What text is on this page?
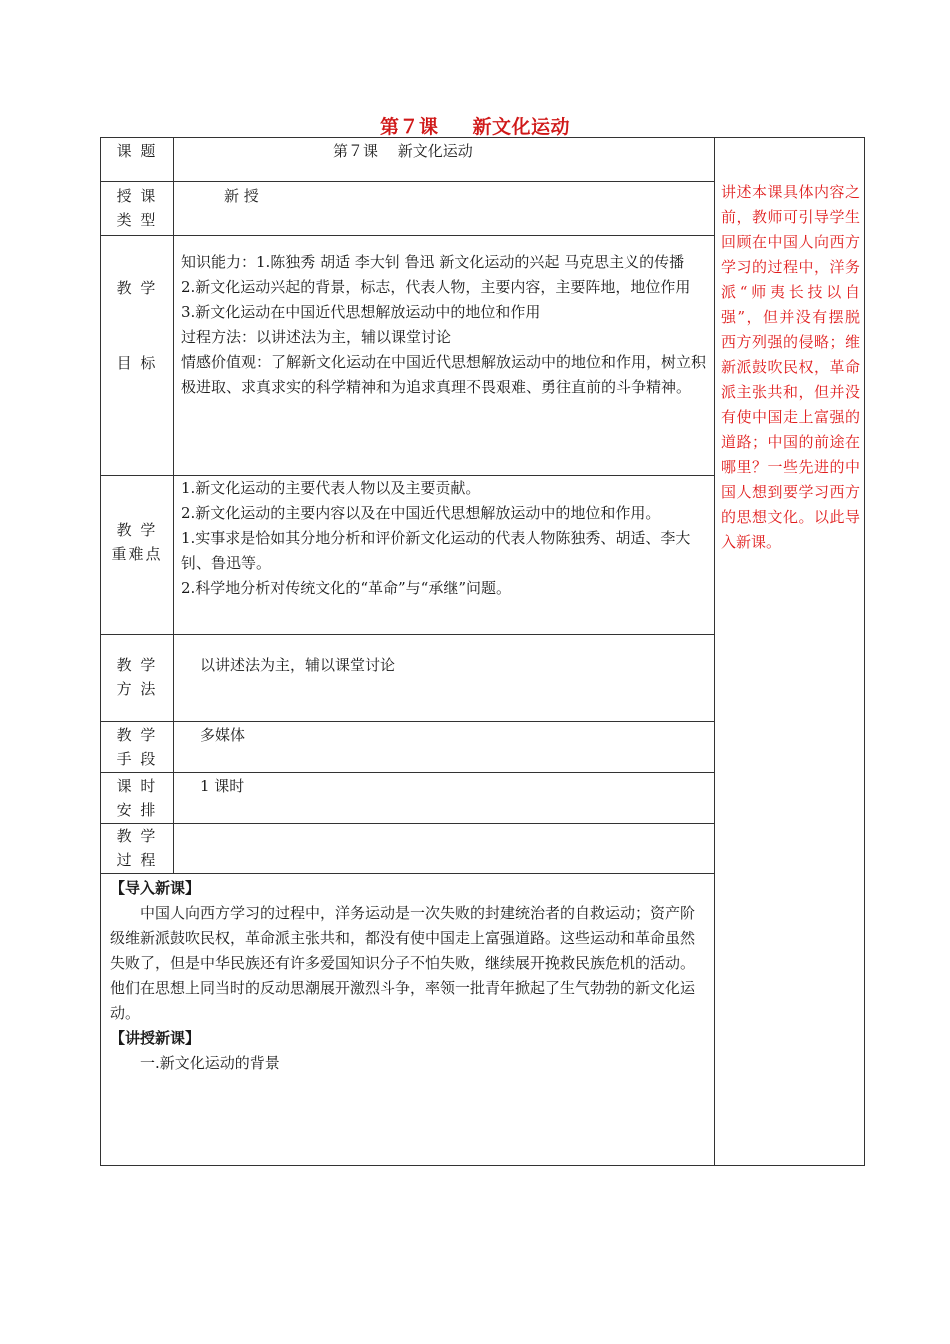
第７课 新文化运动
课 题	第７课　 新文化运动
授 课
类 型
新 授
教 学
目 标

知识能力：1.陈独秀 胡适 李大钊 鲁迅 新文化运动的兴起 马克思主义的传播

2.新文化运动兴起的背景，标志，代表人物，主要内容，主要阵地，地位作用

3.新文化运动在中国近代思想解放运动中的地位和作用

过程方法：以讲述法为主，辅以课堂讨论

情感价值观：了解新文化运动在中国近代思想解放运动中的地位和作用，树立积极进取、求真求实的科学精神和为追求真理不畏艰难、勇往直前的斗争精神。

教 学
重难点

1.新文化运动的主要代表人物以及主要贡献。

2.新文化运动的主要内容以及在中国近代思想解放运动中的地位和作用。

1.实事求是恰如其分地分析和评价新文化运动的代表人物陈独秀、胡适、李大钊、鲁迅等。

2.科学地分析对传统文化的“革命”与“承继”问题。

教 学
方 法
以讲述法为主，辅以课堂讨论
教 学
手 段
多媒体
课 时
安 排
1 课时
教 学
过 程
讲述本课具体内容之前，教师可引导学生回顾在中国人向西方学习的过程中，洋务派“师夷长技以自强”，但并没有摆脱西方列强的侵略；维新派鼓吹民权，革命派主张共和，但并没有使中国走上富强的道路；中国的前途在哪里？一些先进的中国人想到要学习西方的思想文化。以此导入新课。

【导入新课】

中国人向西方学习的过程中，洋务运动是一次失败的封建统治者的自救运动；资产阶级维新派鼓吹民权，革命派主张共和，都没有使中国走上富强道路。这些运动和革命虽然失败了，但是中华民族还有许多爱国知识分子不怕失败，继续展开挽救民族危机的活动。他们在思想上同当时的反动思潮展开激烈斗争，率领一批青年掀起了生气勃勃的新文化运动。

【讲授新课】

一.新文化运动的背景
